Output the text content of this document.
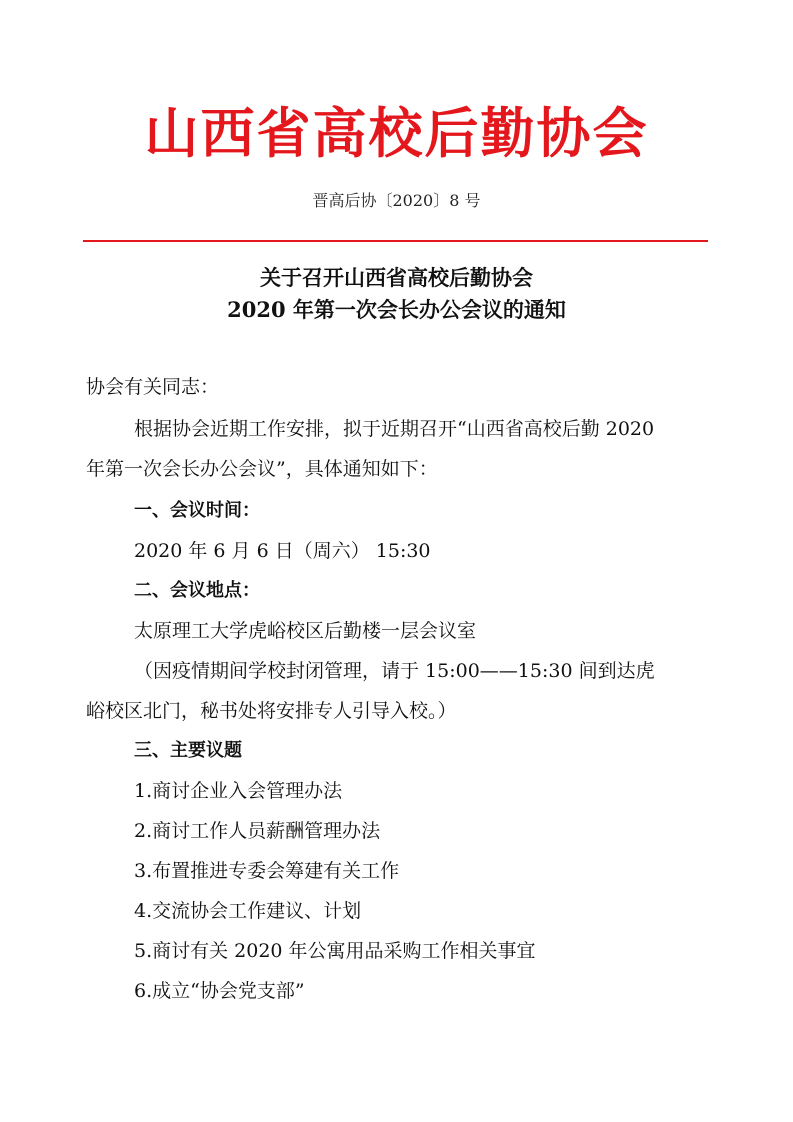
山西省高校后勤协会
晋高后协〔2020〕8 号
关于召开山西省高校后勤协会
2020 年第一次会长办公会议的通知
协会有关同志：
根据协会近期工作安排，拟于近期召开“山西省高校后勤 2020
年第一次会长办公会议”，具体通知如下：
一、会议时间：
2020 年 6 月 6 日（周六） 15:30
二、会议地点：
太原理工大学虎峪校区后勤楼一层会议室
（因疫情期间学校封闭管理，请于 15:00——15:30 间到达虎
峪校区北门，秘书处将安排专人引导入校。）
三、主要议题
1.商讨企业入会管理办法
2.商讨工作人员薪酬管理办法
3.布置推进专委会筹建有关工作
4.交流协会工作建议、计划
5.商讨有关 2020 年公寓用品采购工作相关事宜
6.成立“协会党支部”
